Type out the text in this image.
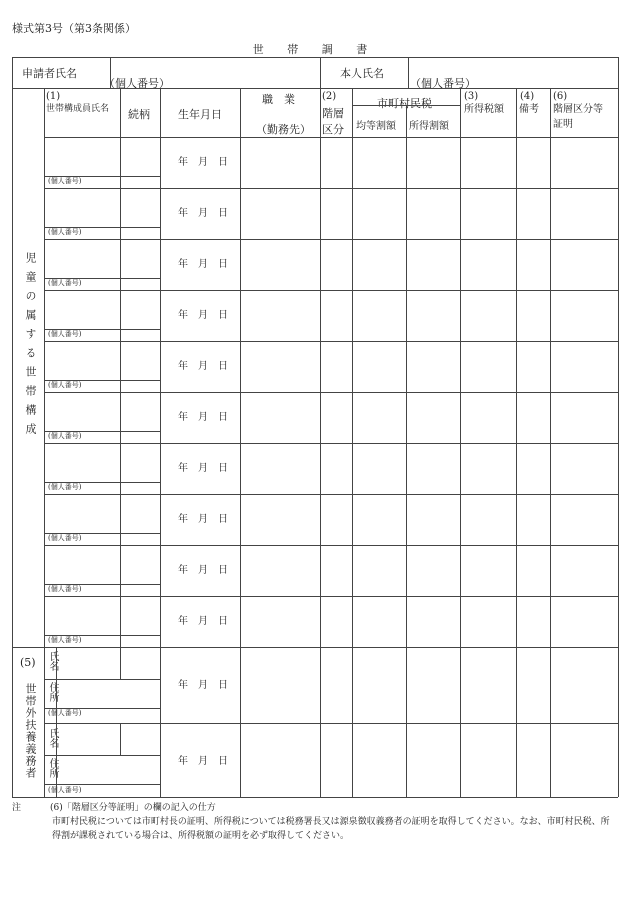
様式第3号（第3条関係）
世 帯 調 書
申請者氏名
（個人番号）
本人氏名
（個人番号）
(1)
世帯構成員氏名 続柄	生年月日
職　業
（勤務先）
(2)
階層
区分
市町村民税
均等割額 所得割額
(3)
所得税額
(4)
備考
(6)
階層区分等
証明
児童の属する世帯構成
(5)
世帯外扶養義務者
氏名
住所
氏名
住所
(個人番号)
(個人番号)
年　月　日
年　月　日
年　月　日
(個人番号)
年　月　日
(個人番号)
年　月　日
(個人番号)
年　月　日
(個人番号)
年　月　日
(個人番号)
年　月　日
(個人番号)
年　月　日
(個人番号)
年　月　日
(個人番号)
年　月　日
(個人番号)
年　月　日
(個人番号)
注	(6)「階層区分等証明」の欄の記入の仕方
市町村民税については市町村長の証明、所得税については税務署長又は源泉徴収義務者の証明を取得してください。なお、市町村民税、所得割が課税されている場合は、所得税額の証明を必ず取得してください。
